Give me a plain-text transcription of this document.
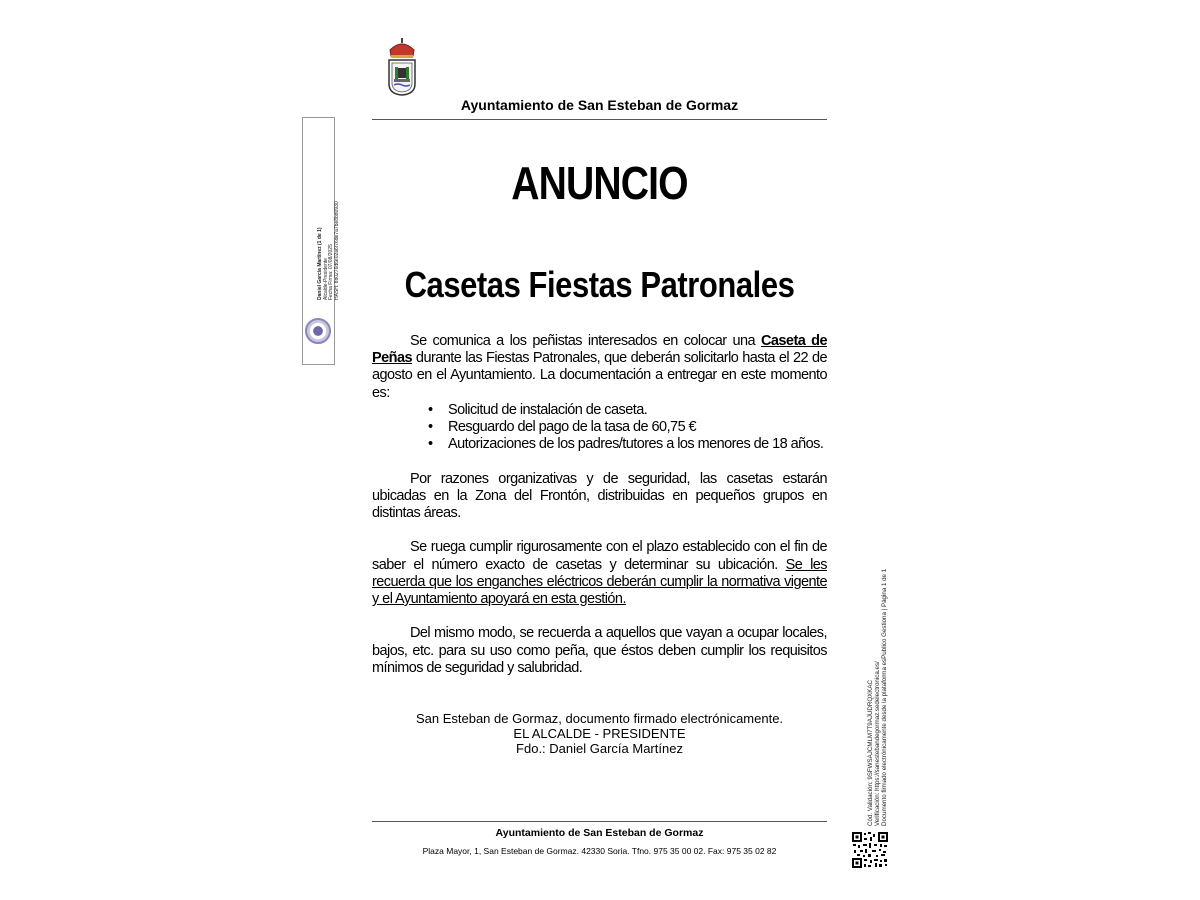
Ayuntamiento de San Esteban de Gormaz
ANUNCIO
Casetas Fiestas Patronales

Se comunica a los peñistas interesados en colocar una Caseta de Peñas durante las Fiestas Patronales, que deberán solicitarlo hasta el 22 de agosto en el Ayuntamiento. La documentación a entregar en este momento es:

• Solicitud de instalación de caseta.
• Resguardo del pago de la tasa de 60,75 €
• Autorizaciones de los padres/tutores a los menores de 18 años.

Por razones organizativas y de seguridad, las casetas estarán ubicadas en la Zona del Frontón, distribuidas en pequeños grupos en distintas áreas.

Se ruega cumplir rigurosamente con el plazo establecido con el fin de saber el número exacto de casetas y determinar su ubicación. Se les recuerda que los enganches eléctricos deberán cumplir la normativa vigente y el Ayuntamiento apoyará en esta gestión.

Del mismo modo, se recuerda a aquellos que vayan a ocupar locales, bajos, etc. para su uso como peña, que éstos deben cumplir los requisitos mínimos de seguridad y salubridad.

San Esteban de Gormaz, documento firmado electrónicamente.
EL ALCALDE - PRESIDENTE
Fdo.: Daniel García Martínez
Ayuntamiento de San Esteban de Gormaz
Plaza Mayor, 1, San Esteban de Gormaz. 42330 Soria. Tfno. 975 35 00 02. Fax: 975 35 02 82
Daniel García Martínez (1 de 1) Alcalde-Presidente Fecha Firma: 07/08/2025 HASH: 8b0276d6e02a6f76de7a7be8bd0930
Cód. Validación: 9SFWSAJCMLM7T9AJUDRQXKAC Verificación: https://sanestebandegormaz.sedelectronica.es/ Documento firmado electrónicamente desde la plataforma esPublico Gestiona | Página 1 de 1
